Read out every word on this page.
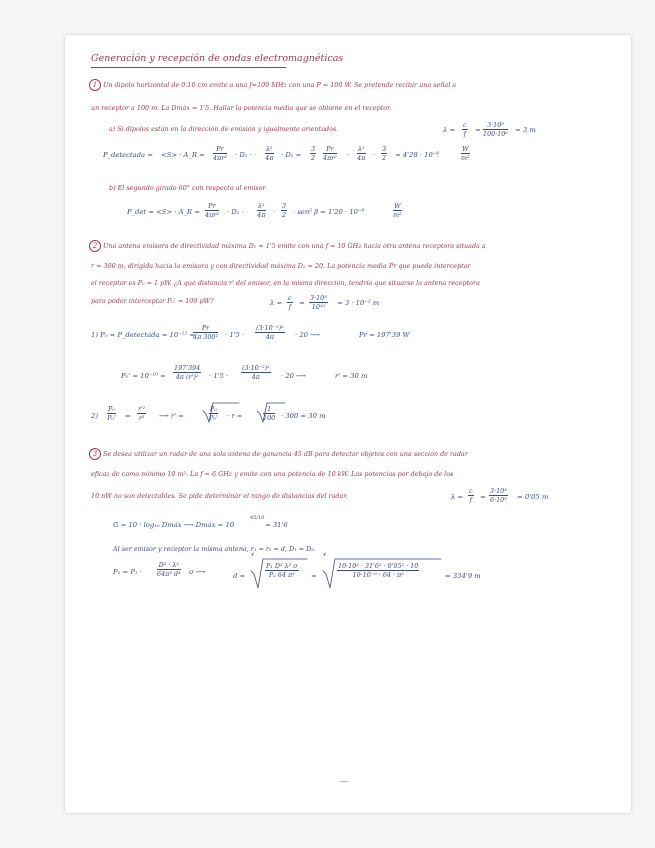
Generación y recepción de ondas electromagnéticas
1 Un dipolo horizontal de 0.10 cm emite a una f=100 MHz con una P = 100 W. Se pretende recibir una señal a
un receptor a 100 m. La Dmáx = 1'5. Hallar la potencia media que se obtiene en el receptor.
a) Si dipolos están en la dirección de emisión y igualmente orientados.	$\lambda = \frac{c}{f} = \frac{\text{3·10⁸}}{\text{100·10⁶}} = 3$ m
P_detectada = <S> · A_R = $\frac{Pr}{\text{4πr²}} \cdot D_1 \cdot \frac{\text{λ²}}{4\pi} \cdot D_2 = \frac{3}{2} \frac{Pr}{\text{4πr²}} \cdot \frac{\text{λ²}}{4\pi} \cdot \frac{3}{2} = 4'28 \cdot 10^{-6}$	$\frac{W}{\text{m²}}$
b) El segundo girado 60° con respecto al emisor.
P_det = <S> · A_R = $\frac{Pr}{\text{4πr²}} \cdot D_1 \cdot \frac{\text{λ²}}{4\pi} \cdot \frac{3}{2} \cdot sen^2$ β = 1'20 · 10⁻⁶	$\frac{W}{\text{m²}}$
2 Una antena emisora de directividad máxima D₁ = 1'5 emite con una f = 10 GHz hacia otra antena receptora situada a
r = 300 m, dirigida hacia la emisora y con directividad máxima D₂ = 20. La potencia media Pr que puede interceptar
el receptor es P₀ = 1 pW. ¿A qué distancia r' del emisor, en la misma dirección, tendría que situarse la antena receptora
para poder interceptar P₀' = 100 pW?	$\lambda = \frac{c}{f} = \frac{\text{3·10⁸}}{\text{10¹⁰}} = 3 \cdot 10^{-2}$ m
1) P₀ = P_detectada = 10⁻¹² =
$\frac{Pr}{\text{4π 300²}} \cdot 1'5 \cdot \frac{\text{(3·10⁻²)²}}{4\pi} \cdot 20$ ⟶	Pr = 197'39 W
$P_0' = 10^{-10} = \frac{197'394}{\text{4π (r')²}} \cdot 1'5 \cdot \frac{\text{(3·10⁻²)²}}{4\pi} \cdot 20$ ⟶	r' = 30 m
$2) \frac{\text{P₀}}{\text{P₀'}} = \frac{\text{r'²}}{\text{r²}}$ ⟶ r' =	$\frac{\text{P₀}}{\text{P₀'}} \cdot r$ =	$\frac{1}{100} \cdot 300 = 30$ m
3 Se desea utilizar un radar de una sola antena de ganancia 45 dB para detectar objetos con una sección de radar
eficaz de como mínimo 10 m². La f = 6 GHz y emite con una potencia de 10 kW. Las potencias por debajo de los
10 nW no son detectables. Se pide determinar el rango de distancias del radar.	$\lambda = \frac{c}{f} = \frac{\text{3·10⁸}}{\text{6·10⁹}} = 0'05$ m
G = 10 · log₁₀ Dmáx ⟶ Dmáx = 10
45/10
= 31'6
Al ser emisor y receptor la misma antena, r₁ = r₂ = d, D₁ = D₂.
$P_2 = P_1 \cdot \frac{\text{D² · λ²}}{\text{64π³ d⁴}}$ σ ⟶	d =
4
$\frac{\text{P₁ D² λ² σ}}{\text{P₂ 64 π³}}$ =
4
$\frac{\text{10·10³ · 31'6² · 0'05² · 10}}{\text{10·10⁻⁹ · 64 · π³}}$	= 334'9 m
